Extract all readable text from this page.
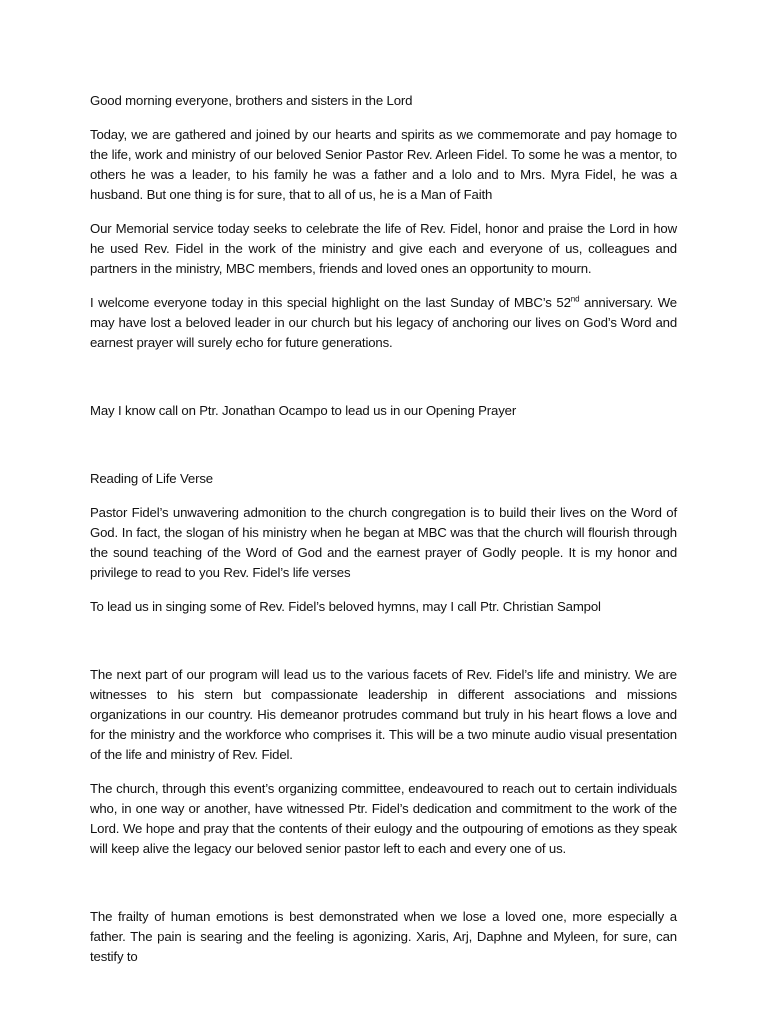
Good morning everyone, brothers and sisters in the Lord

Today, we are gathered and joined by our hearts and spirits as we commemorate and pay homage to the life, work and ministry of our beloved Senior Pastor Rev. Arleen Fidel. To some he was a mentor, to others he was a leader, to his family he was a father and a lolo and to Mrs. Myra Fidel, he was a husband. But one thing is for sure, that to all of us, he is a Man of Faith

Our Memorial service today seeks to celebrate the life of Rev. Fidel, honor and praise the Lord in how he used Rev. Fidel in the work of the ministry and give each and everyone of us, colleagues and partners in the ministry, MBC members, friends and loved ones an opportunity to mourn.

I welcome everyone today in this special highlight on the last Sunday of MBC’s 52nd anniversary. We may have lost a beloved leader in our church but his legacy of anchoring our lives on God’s Word and earnest prayer will surely echo for future generations.

May I know call on Ptr. Jonathan Ocampo to lead us in our Opening Prayer

Reading of Life Verse

Pastor Fidel’s unwavering admonition to the church congregation is to build their lives on the Word of God. In fact, the slogan of his ministry when he began at MBC was that the church will flourish through the sound teaching of the Word of God and the earnest prayer of Godly people. It is my honor and privilege to read to you Rev. Fidel’s life verses

To lead us in singing some of Rev. Fidel’s beloved hymns, may I call Ptr. Christian Sampol

The next part of our program will lead us to the various facets of Rev. Fidel’s life and ministry. We are witnesses to his stern but compassionate leadership in different associations and missions organizations in our country. His demeanor protrudes command but truly in his heart flows a love and for the ministry and the workforce who comprises it. This will be a two minute audio visual presentation of the life and ministry of Rev. Fidel.

The church, through this event’s organizing committee, endeavoured to reach out to certain individuals who, in one way or another, have witnessed Ptr. Fidel’s dedication and commitment to the work of the Lord. We hope and pray that the contents of their eulogy and the outpouring of emotions as they speak will keep alive the legacy our beloved senior pastor left to each and every one of us.

The frailty of human emotions is best demonstrated when we lose a loved one, more especially a father. The pain is searing and the feeling is agonizing. Xaris, Arj, Daphne and Myleen, for sure, can testify to
